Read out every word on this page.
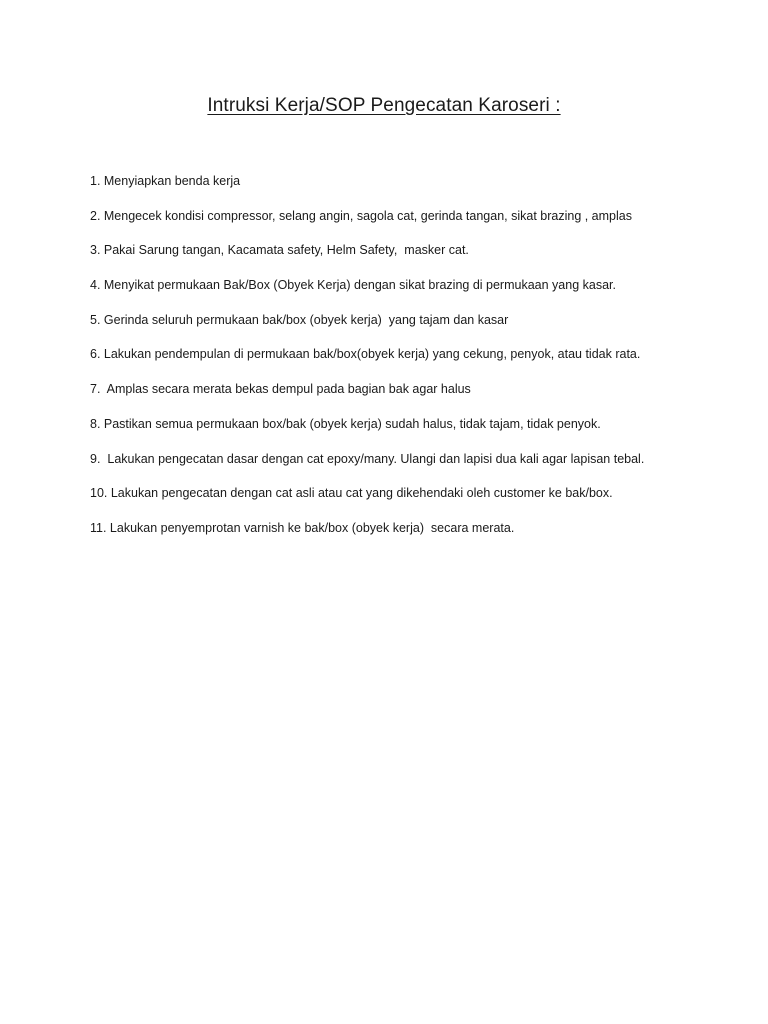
Intruksi Kerja/SOP Pengecatan Karoseri :
1. Menyiapkan benda kerja
2. Mengecek kondisi compressor, selang angin, sagola cat, gerinda tangan, sikat brazing , amplas
3. Pakai Sarung tangan, Kacamata safety, Helm Safety,  masker cat.
4. Menyikat permukaan Bak/Box (Obyek Kerja) dengan sikat brazing di permukaan yang kasar.
5. Gerinda seluruh permukaan bak/box (obyek kerja)  yang tajam dan kasar
6. Lakukan pendempulan di permukaan bak/box(obyek kerja) yang cekung, penyok, atau tidak rata.
7.  Amplas secara merata bekas dempul pada bagian bak agar halus
8. Pastikan semua permukaan box/bak (obyek kerja) sudah halus, tidak tajam, tidak penyok.
9.  Lakukan pengecatan dasar dengan cat epoxy/many. Ulangi dan lapisi dua kali agar lapisan tebal.
10. Lakukan pengecatan dengan cat asli atau cat yang dikehendaki oleh customer ke bak/box.
11. Lakukan penyemprotan varnish ke bak/box (obyek kerja)  secara merata.
